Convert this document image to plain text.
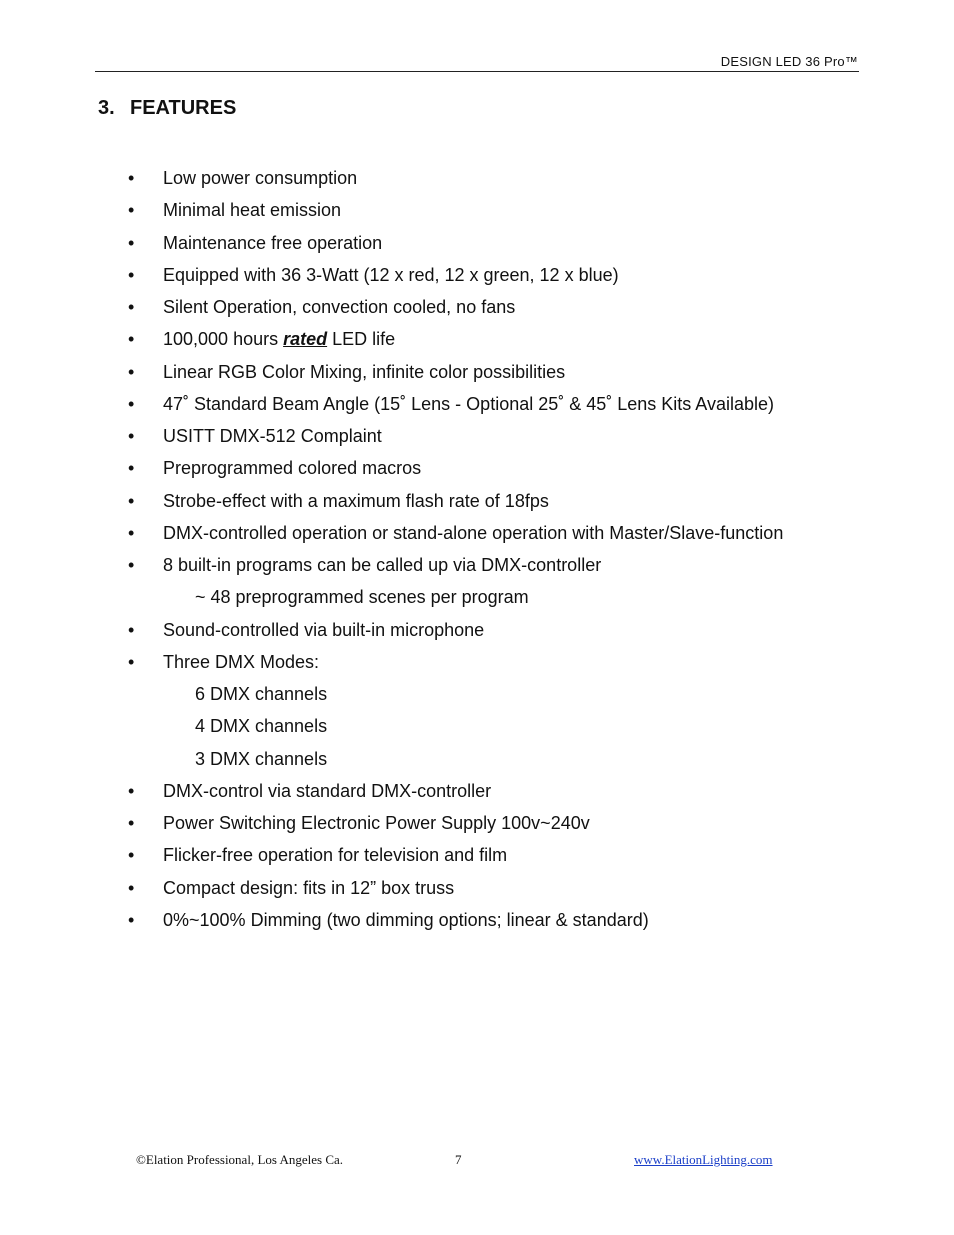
DESIGN LED 36 Pro™
3. FEATURES
•	Low power consumption
•	Minimal heat emission
•	Maintenance free operation
•	Equipped with 36 3-Watt (12 x red, 12 x green, 12 x blue)
•	Silent Operation, convection cooled, no fans
•	100,000 hours rated LED life
•	Linear RGB Color Mixing, infinite color possibilities
•	47˚ Standard Beam Angle (15˚ Lens - Optional 25˚ & 45˚ Lens Kits Available)
•	USITT DMX-512 Complaint
•	Preprogrammed colored macros
•	Strobe-effect with a maximum flash rate of 18fps
•	DMX-controlled operation or stand-alone operation with Master/Slave-function
•	8 built-in programs can be called up via DMX-controller
~ 48 preprogrammed scenes per program
•	Sound-controlled via built-in microphone
•	Three DMX Modes:
6 DMX channels
4 DMX channels
3 DMX channels
•	DMX-control via standard DMX-controller
•	Power Switching Electronic Power Supply 100v~240v
•	Flicker-free operation for television and film
•	Compact design: fits in 12” box truss
•	0%~100% Dimming (two dimming options; linear & standard)
©Elation Professional, Los Angeles Ca.	7	www.ElationLighting.com
